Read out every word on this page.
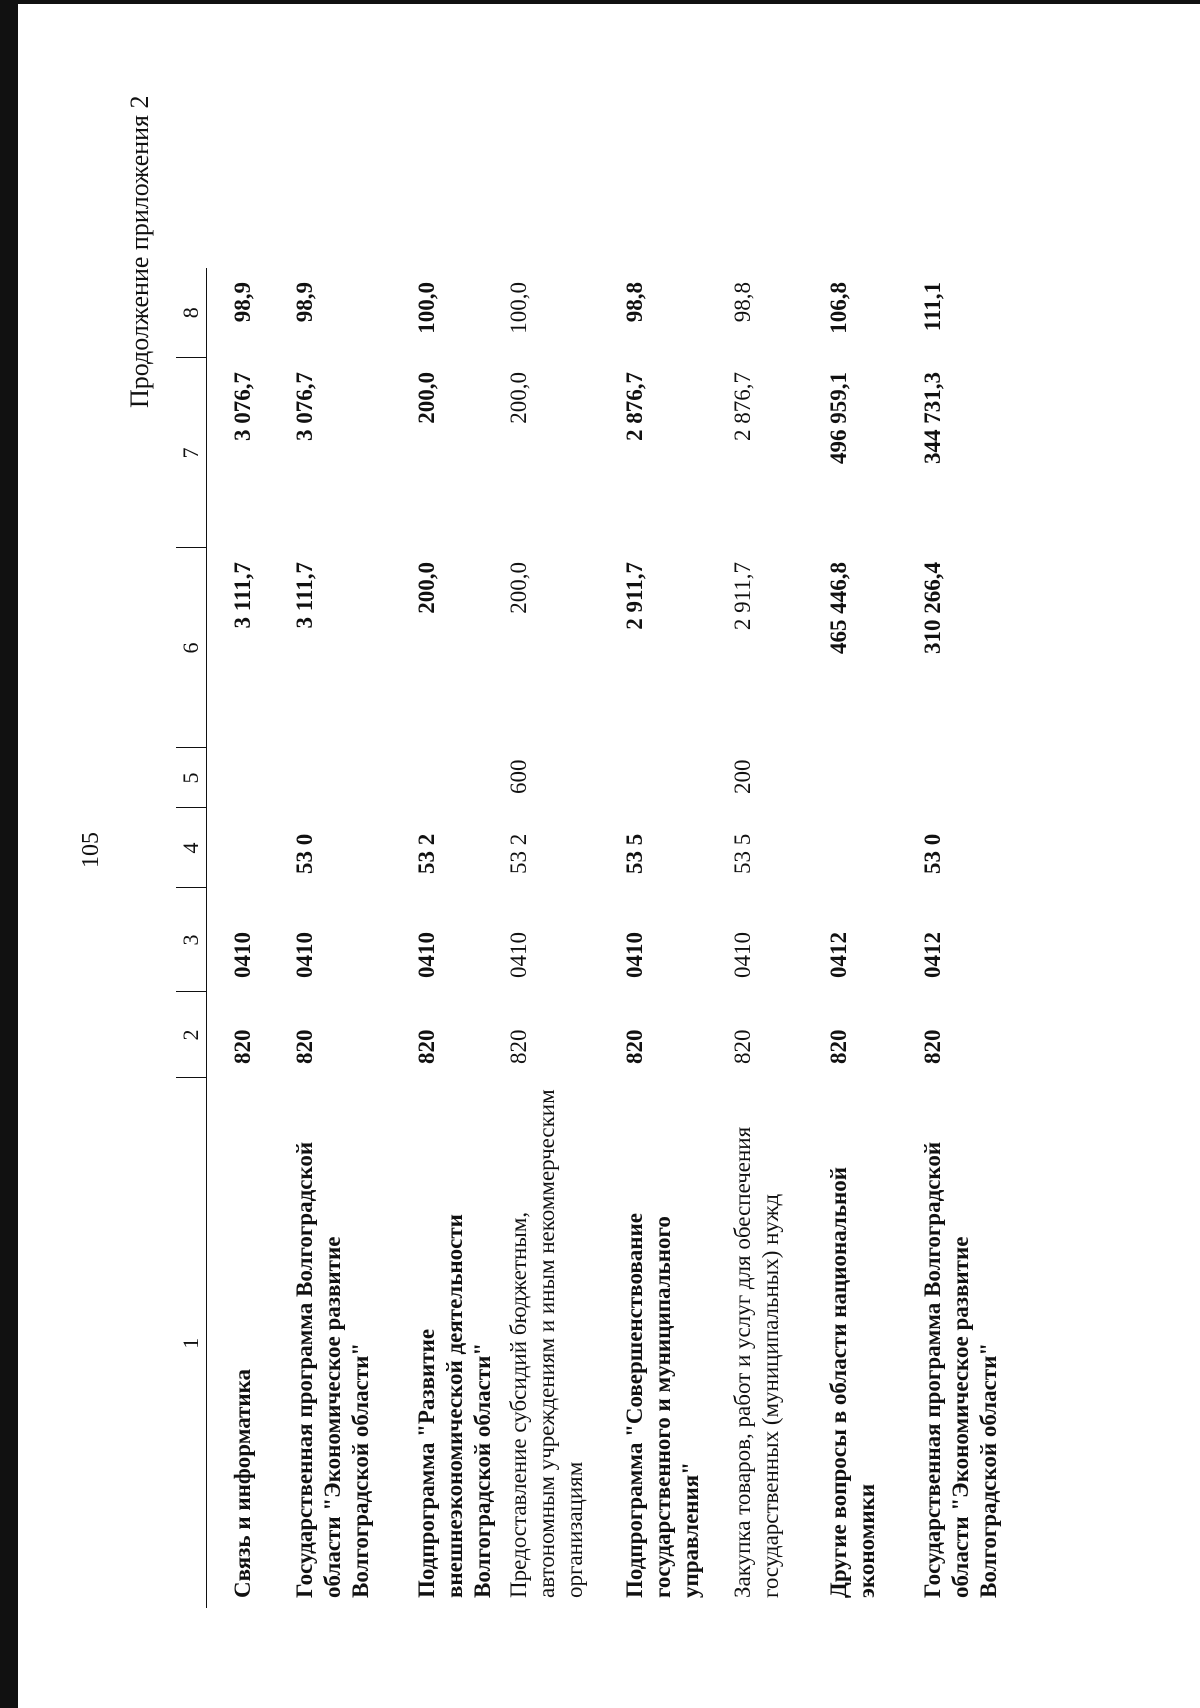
105
Продолжение приложения 2
1	2	3	4	5	6	7	8
Связь и информатика	820	0410			3 111,7	3 076,7	98,9
Государственная программа Волгоградской области "Экономическое развитие Волгоградской области"	820	0410	53 0		3 111,7	3 076,7	98,9
Подпрограмма "Развитие внешнеэкономической деятельности Волгоградской области"	820	0410	53 2		200,0	200,0	100,0
Предоставление субсидий бюджетным, автономным учреждениям и иным некоммерческим организациям	820	0410	53 2	600	200,0	200,0	100,0
Подпрограмма "Совершенствование государственного и муниципального управления"	820	0410	53 5		2 911,7	2 876,7	98,8
Закупка товаров, работ и услуг для обеспечения государственных (муниципальных) нужд	820	0410	53 5	200	2 911,7	2 876,7	98,8
Другие вопросы в области национальной экономики	820	0412			465 446,8	496 959,1	106,8
Государственная программа Волгоградской области "Экономическое развитие Волгоградской области"	820	0412	53 0		310 266,4	344 731,3	111,1
